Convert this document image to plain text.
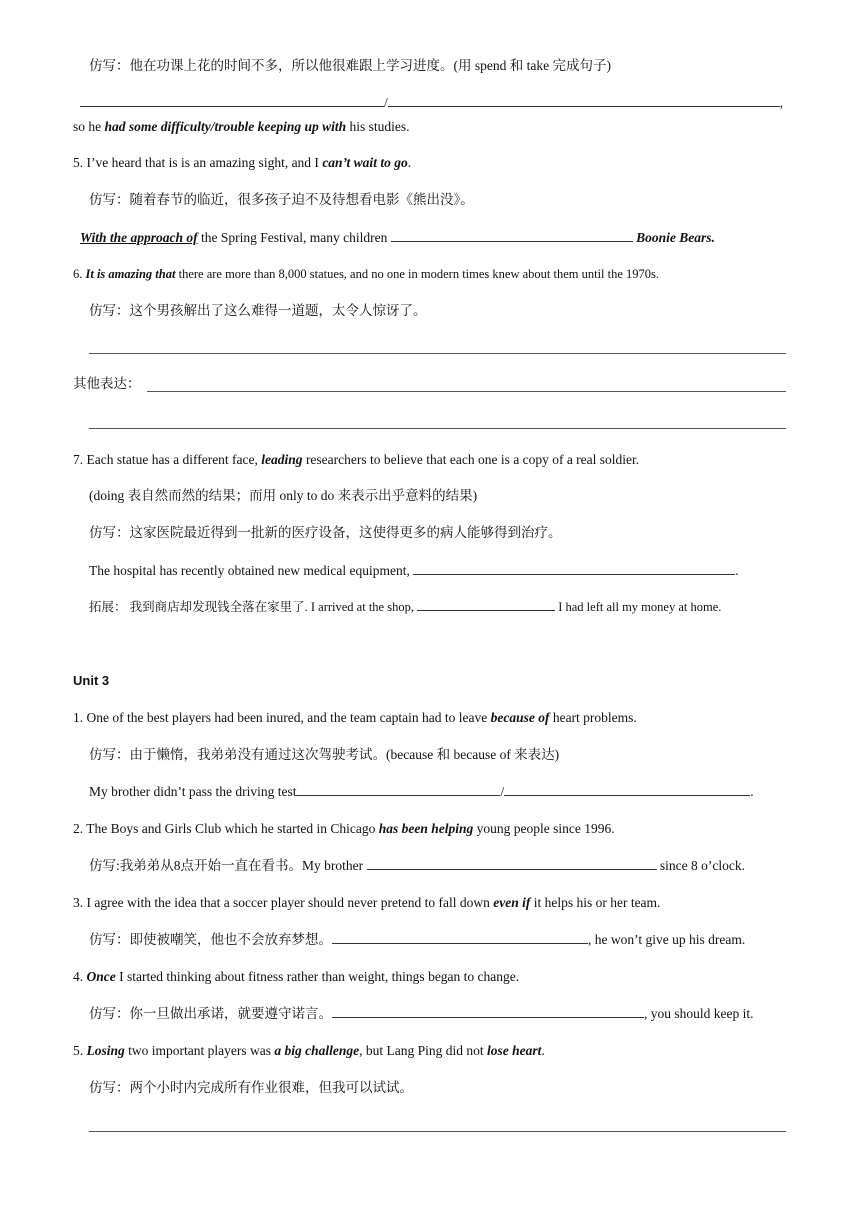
仿写：他在功课上花的时间不多，所以他很难跟上学习进度。(用 spend 和 take 完成句子)
/	,
so he had some difficulty/trouble keeping up with his studies.
5. I’ve heard that is is an amazing sight, and I can’t wait to go.
仿写：随着春节的临近，很多孩子迫不及待想看电影《熊出没》。
With the approach of the Spring Festival, many children	Boonie Bears.
6. It is amazing that there are more than 8,000 statues, and no one in modern times knew about them until the 1970s.
仿写：这个男孩解出了这么难得一道题，太令人惊讶了。
其他表达：
7. Each statue has a different face, leading researchers to believe that each one is a copy of a real soldier.
(doing 表自然而然的结果；而用 only to do 来表示出乎意料的结果)
仿写：这家医院最近得到一批新的医疗设备，这使得更多的病人能够得到治疗。
The hospital has recently obtained new medical equipment,	.
拓展： 我到商店却发现钱全落在家里了. I arrived at the shop,	I had left all my money at home.
Unit 3
1. One of the best players had been inured, and the team captain had to leave because of heart problems.
仿写：由于懒惰，我弟弟没有通过这次驾驶考试。(because 和 because of 来表达)
My brother didn’t pass the driving test	/	.
2. The Boys and Girls Club which he started in Chicago has been helping young people since 1996.
仿写:我弟弟从8点开始一直在看书。My brother	since 8 o’clock.
3. I agree with the idea that a soccer player should never pretend to fall down even if it helps his or her team.
仿写：即使被嘲笑，他也不会放弃梦想。	, he won’t give up his dream.
4. Once I started thinking about fitness rather than weight, things began to change.
仿写：你一旦做出承诺，就要遵守诺言。	, you should keep it.
5. Losing two important players was a big challenge, but Lang Ping did not lose heart.
仿写：两个小时内完成所有作业很难，但我可以试试。
